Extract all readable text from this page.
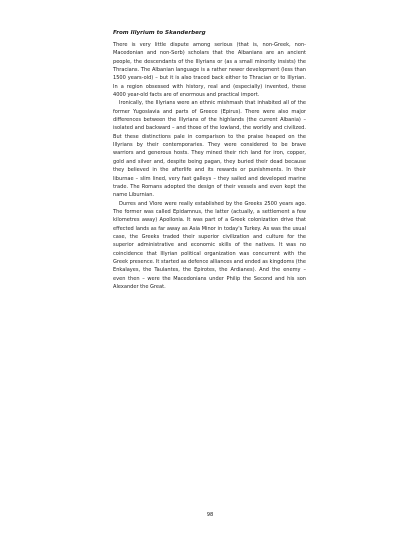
From Illyrium to Skanderberg

There is very little dispute among serious (that is, non-Greek, non-Macedonian and non-Serb) scholars that the Albanians are an ancient people, the descendants of the Illyrians or (as a small minority insists) the Thracians. The Albanian language is a rather newer development (less than 1500 years-old) – but it is also traced back either to Thracian or to Illyrian. In a region obsessed with history, real and (especially) invented, these 4000 year-old facts are of enormous and practical import.

Ironically, the Illyrians were an ethnic mishmash that inhabited all of the former Yugoslavia and parts of Greece (Epirus). There were also major differences between the Illyrians of the highlands (the current Albania) – isolated and backward – and those of the lowland, the worldly and civilized. But these distinctions pale in comparison to the praise heaped on the Illyrians by their contemporaries. They were considered to be brave warriors and generous hosts. They mined their rich land for iron, copper, gold and silver and, despite being pagan, they buried their dead because they believed in the afterlife and its rewards or punishments. In their liburnae – slim lined, very fast galleys – they sailed and developed marine trade. The Romans adopted the design of their vessels and even kept the name Liburnian.

Durres and Vlore were really established by the Greeks 2500 years ago. The former was called Epidamnus, the latter (actually, a settlement a few kilometres away) Apollonia. It was part of a Greek colonization drive that effected lands as far away as Asia Minor in today's Turkey. As was the usual case, the Greeks traded their superior civilization and culture for the superior administrative and economic skills of the natives. It was no coincidence that Illyrian political organization was concurrent with the Greek presence. It started as defence alliances and ended as kingdoms (the Enkalayes, the Taulantes, the Epirotes, the Ardianes). And the enemy – even then – were the Macedonians under Philip the Second and his son Alexander the Great.

98
